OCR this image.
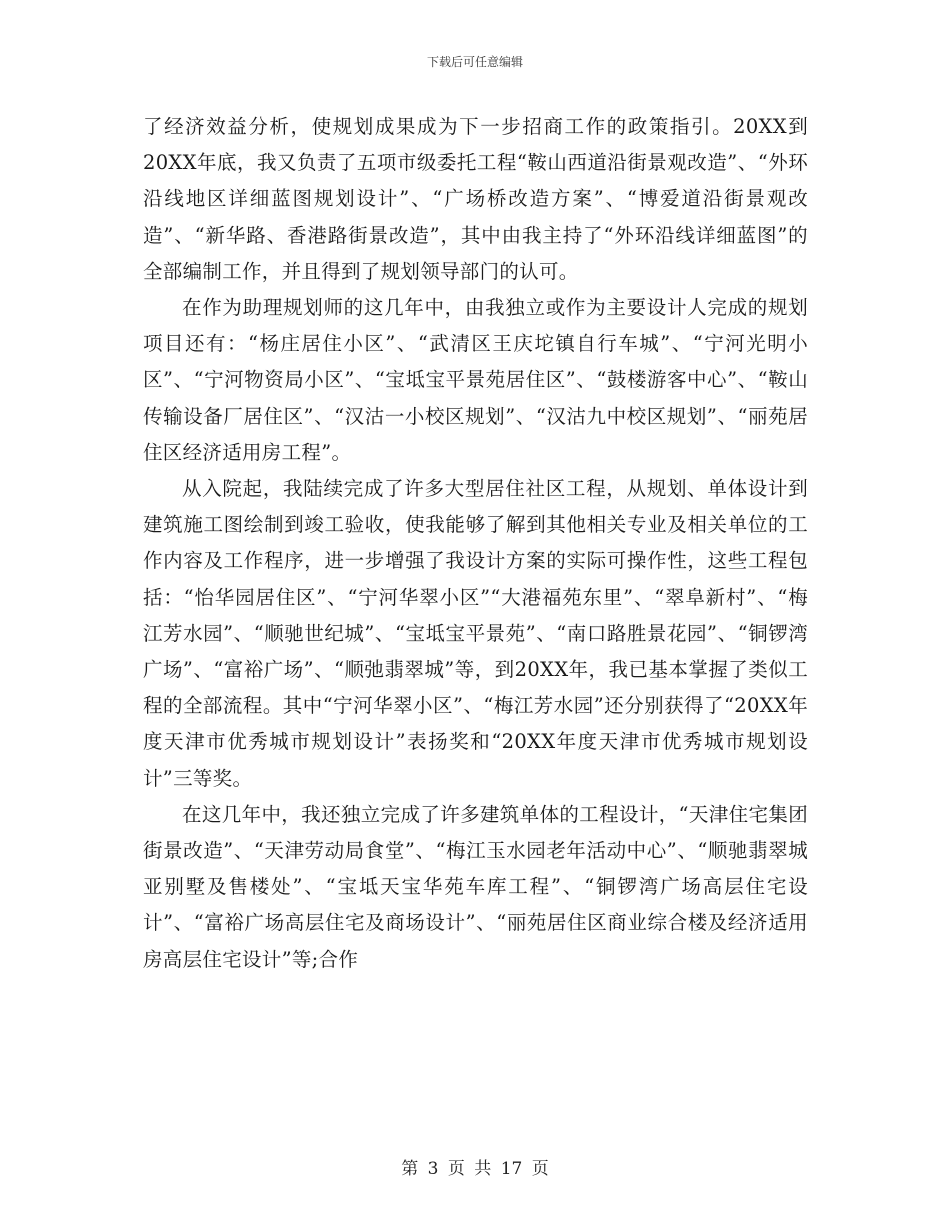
下载后可任意编辑

了经济效益分析，使规划成果成为下一步招商工作的政策指引。20XX到20XX年底，我又负责了五项市级委托工程“鞍山西道沿街景观改造”、“外环沿线地区详细蓝图规划设计”、“广场桥改造方案”、“博爱道沿街景观改造”、“新华路、香港路街景改造”，其中由我主持了“外环沿线详细蓝图”的全部编制工作，并且得到了规划领导部门的认可。

在作为助理规划师的这几年中，由我独立或作为主要设计人完成的规划项目还有：“杨庄居住小区”、“武清区王庆坨镇自行车城”、“宁河光明小区”、“宁河物资局小区”、“宝坻宝平景苑居住区”、“鼓楼游客中心”、“鞍山传输设备厂居住区”、“汉沽一小校区规划”、“汉沽九中校区规划”、“丽苑居住区经济适用房工程”。

从入院起，我陆续完成了许多大型居住社区工程，从规划、单体设计到建筑施工图绘制到竣工验收，使我能够了解到其他相关专业及相关单位的工作内容及工作程序，进一步增强了我设计方案的实际可操作性，这些工程包括：“怡华园居住区”、“宁河华翠小区”“大港福苑东里”、“翠阜新村”、“梅江芳水园”、“顺驰世纪城”、“宝坻宝平景苑”、“南口路胜景花园”、“铜锣湾广场”、“富裕广场”、“顺弛翡翠城”等，到20XX年，我已基本掌握了类似工程的全部流程。其中“宁河华翠小区”、“梅江芳水园”还分别获得了“20XX年度天津市优秀城市规划设计”表扬奖和“20XX年度天津市优秀城市规划设计”三等奖。

在这几年中，我还独立完成了许多建筑单体的工程设计，“天津住宅集团街景改造”、“天津劳动局食堂”、“梅江玉水园老年活动中心”、“顺驰翡翠城亚别墅及售楼处”、“宝坻天宝华苑车库工程”、“铜锣湾广场高层住宅设计”、“富裕广场高层住宅及商场设计”、“丽苑居住区商业综合楼及经济适用房高层住宅设计”等;合作

第 3 页 共 17 页
